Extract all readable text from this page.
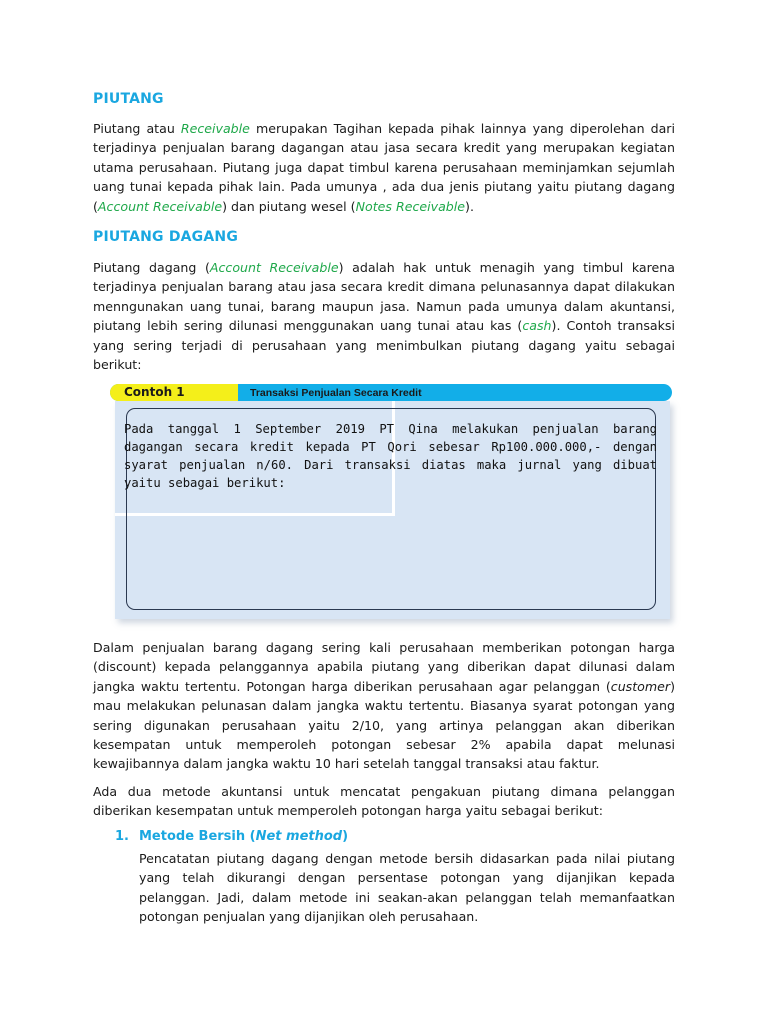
PIUTANG

Piutang atau Receivable merupakan Tagihan kepada pihak lainnya yang diperolehan dari terjadinya penjualan barang dagangan atau jasa secara kredit yang merupakan kegiatan utama perusahaan. Piutang juga dapat timbul karena perusahaan meminjamkan sejumlah uang tunai kepada pihak lain. Pada umunya , ada dua jenis piutang yaitu piutang dagang (Account Receivable) dan piutang wesel (Notes Receivable).

PIUTANG DAGANG

Piutang dagang (Account Receivable) adalah hak untuk menagih yang timbul karena terjadinya penjualan barang atau jasa secara kredit dimana pelunasannya dapat dilakukan menngunakan uang tunai, barang maupun jasa. Namun pada umunya dalam akuntansi, piutang lebih sering dilunasi menggunakan uang tunai atau kas (cash). Contoh transaksi yang sering terjadi di perusahaan yang menimbulkan piutang dagang yaitu sebagai berikut:

Contoh 1	Transaksi Penjualan Secara Kredit

Pada tanggal 1 September 2019 PT Qina melakukan penjualan barang dagangan secara kredit kepada PT Qori sebesar Rp100.000.000,- dengan syarat penjualan n/60. Dari transaksi diatas maka jurnal yang dibuat yaitu sebagai berikut:

Dalam penjualan barang dagang sering kali perusahaan memberikan potongan harga (discount) kepada pelanggannya apabila piutang yang diberikan dapat dilunasi dalam jangka waktu tertentu. Potongan harga diberikan perusahaan agar pelanggan (customer) mau melakukan pelunasan dalam jangka waktu tertentu. Biasanya syarat potongan yang sering digunakan perusahaan yaitu 2/10, yang artinya pelanggan akan diberikan kesempatan untuk memperoleh potongan sebesar 2% apabila dapat melunasi kewajibannya dalam jangka waktu 10 hari setelah tanggal transaksi atau faktur.

Ada dua metode akuntansi untuk mencatat pengakuan piutang dimana pelanggan diberikan kesempatan untuk memperoleh potongan harga yaitu sebagai berikut:

1. Metode Bersih (Net method)

Pencatatan piutang dagang dengan metode bersih didasarkan pada nilai piutang yang telah dikurangi dengan persentase potongan yang dijanjikan kepada pelanggan. Jadi, dalam metode ini seakan-akan pelanggan telah memanfaatkan potongan penjualan yang dijanjikan oleh perusahaan.
